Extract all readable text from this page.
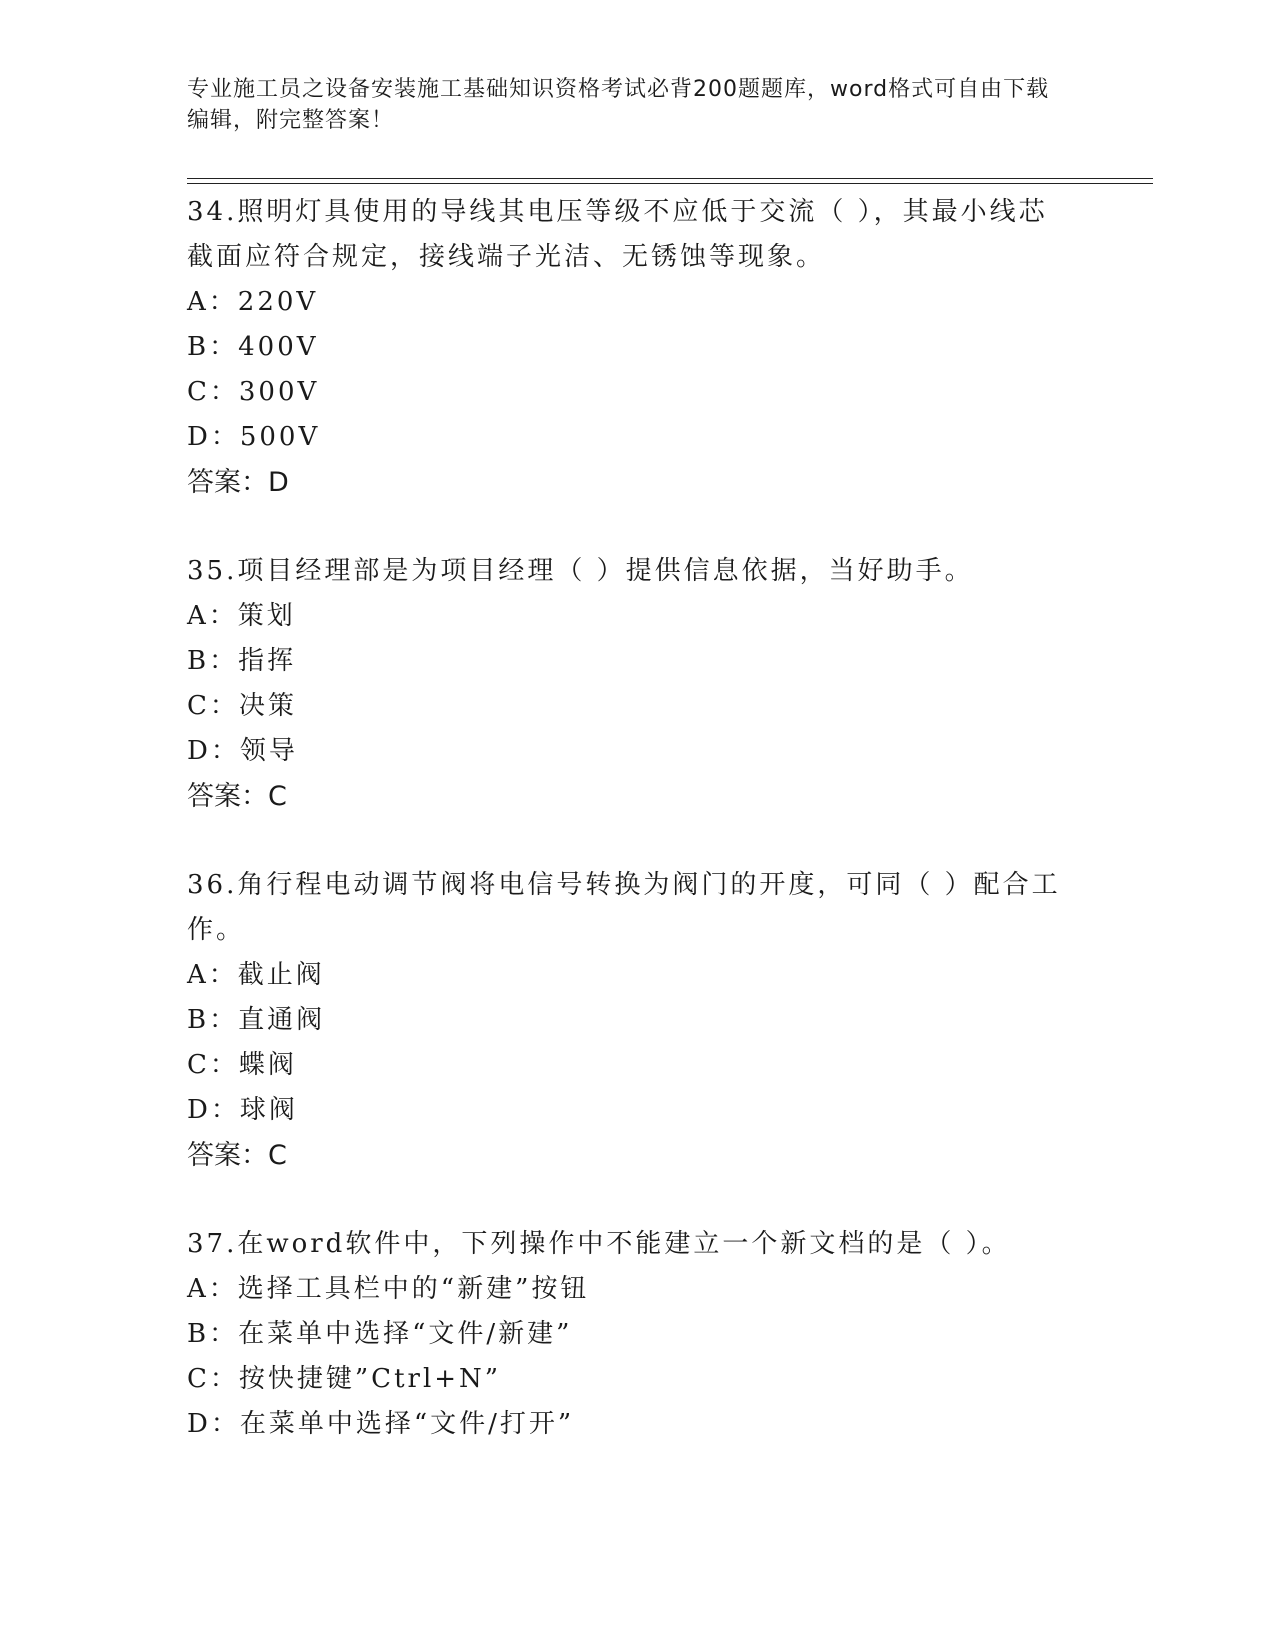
专业施工员之设备安装施工基础知识资格考试必背200题题库，word格式可自由下载编辑，附完整答案！

34.照明灯具使用的导线其电压等级不应低于交流（ ），其最小线芯截面应符合规定，接线端子光洁、无锈蚀等现象。

A：220V

B：400V

C：300V

D：500V

答案：D

35.项目经理部是为项目经理（ ）提供信息依据，当好助手。

A：策划

B：指挥

C：决策

D：领导

答案：C

36.角行程电动调节阀将电信号转换为阀门的开度，可同（ ）配合工作。

A：截止阀

B：直通阀

C：蝶阀

D：球阀

答案：C

37.在word软件中，下列操作中不能建立一个新文档的是（ ）。

A：选择工具栏中的“新建”按钮

B：在菜单中选择“文件/新建”

C：按快捷键”Ctrl+N”

D：在菜单中选择“文件/打开”
